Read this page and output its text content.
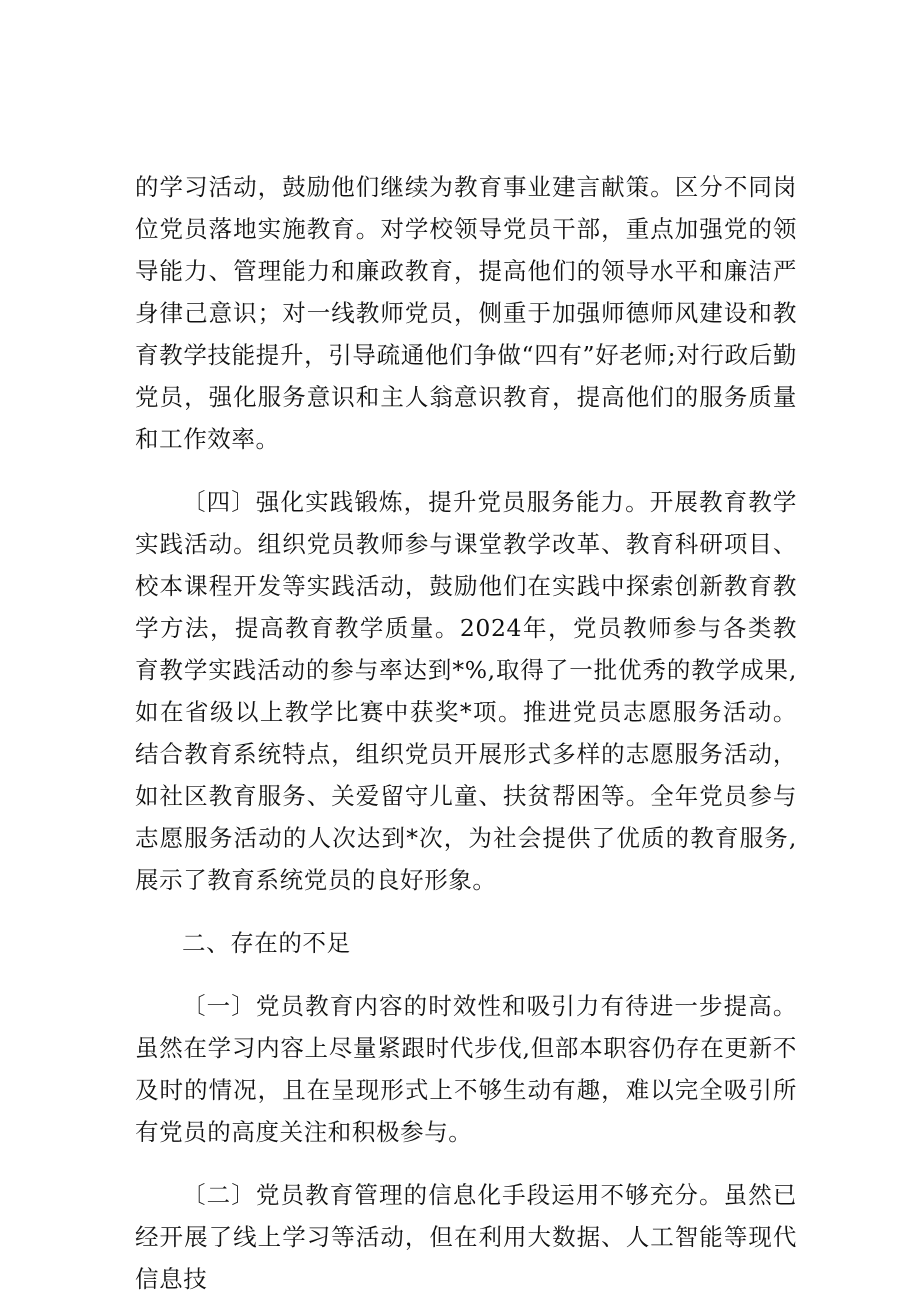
的学习活动，鼓励他们继续为教育事业建言献策。区分不同岗位党员落地实施教育。对学校领导党员干部，重点加强党的领导能力、管理能力和廉政教育，提高他们的领导水平和廉洁严身律己意识；对一线教师党员，侧重于加强师德师风建设和教育教学技能提升，引导疏通他们争做“四有”好老师;对行政后勤党员，强化服务意识和主人翁意识教育，提高他们的服务质量和工作效率。

〔四〕强化实践锻炼，提升党员服务能力。开展教育教学实践活动。组织党员教师参与课堂教学改革、教育科研项目、校本课程开发等实践活动，鼓励他们在实践中探索创新教育教学方法，提高教育教学质量。2024年，党员教师参与各类教育教学实践活动的参与率达到*%,取得了一批优秀的教学成果,如在省级以上教学比赛中获奖*项。推进党员志愿服务活动。结合教育系统特点，组织党员开展形式多样的志愿服务活动，如社区教育服务、关爱留守儿童、扶贫帮困等。全年党员参与志愿服务活动的人次达到*次，为社会提供了优质的教育服务,展示了教育系统党员的良好形象。

二、存在的不足

〔一〕党员教育内容的时效性和吸引力有待进一步提高。虽然在学习内容上尽量紧跟时代步伐,但部本职容仍存在更新不及时的情况，且在呈现形式上不够生动有趣，难以完全吸引所有党员的高度关注和积极参与。

〔二〕党员教育管理的信息化手段运用不够充分。虽然已经开展了线上学习等活动，但在利用大数据、人工智能等现代信息技
